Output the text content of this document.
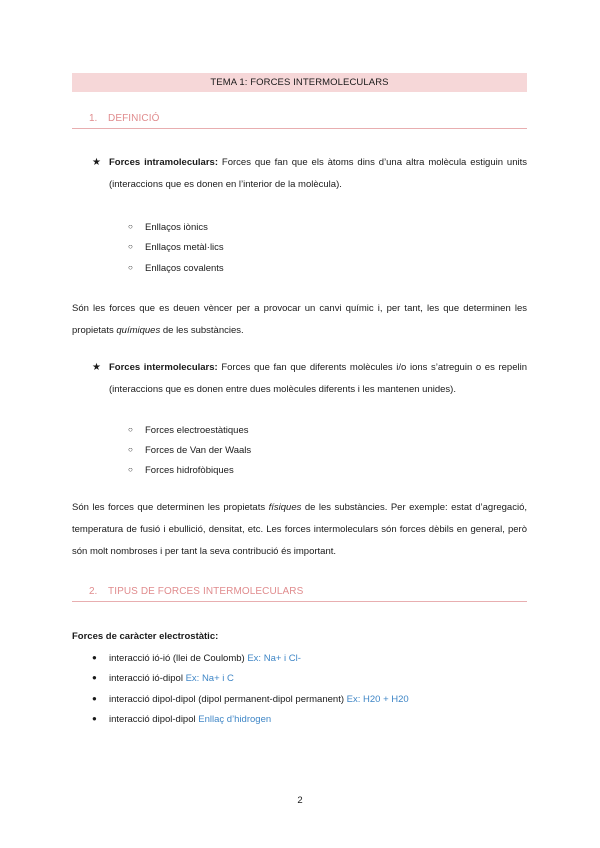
TEMA 1: FORCES INTERMOLECULARS
1. DEFINICIÓ
★ Forces intramoleculars: Forces que fan que els àtoms dins d’una altra molècula estiguin units (interaccions que es donen en l’interior de la molècula).
○ Enllaços iònics
○ Enllaços metàl·lics
○ Enllaços covalents
Són les forces que es deuen vèncer per a provocar un canvi químic i, per tant, les que determinen les propietats químiques de les substàncies.
★ Forces intermoleculars: Forces que fan que diferents molècules i/o ions s’atreguin o es repelin (interaccions que es donen entre dues molècules diferents i les mantenen unides).
○ Forces electroestàtiques
○ Forces de Van der Waals
○ Forces hidrofòbiques
Són les forces que determinen les propietats físiques de les substàncies. Per exemple: estat d’agregació, temperatura de fusió i ebullició, densitat, etc. Les forces intermoleculars són forces dèbils en general, però són molt nombroses i per tant la seva contribució és important.
2. TIPUS DE FORCES INTERMOLECULARS
Forces de caràcter electrostàtic:
● interacció ió-ió (llei de Coulomb) Ex: Na+ i Cl-
● interacció ió-dipol Ex: Na+ i C
● interacció dipol-dipol (dipol permanent-dipol permanent) Ex: H20 + H20
● interacció dipol-dipol Enllaç d’hidrogen
2
